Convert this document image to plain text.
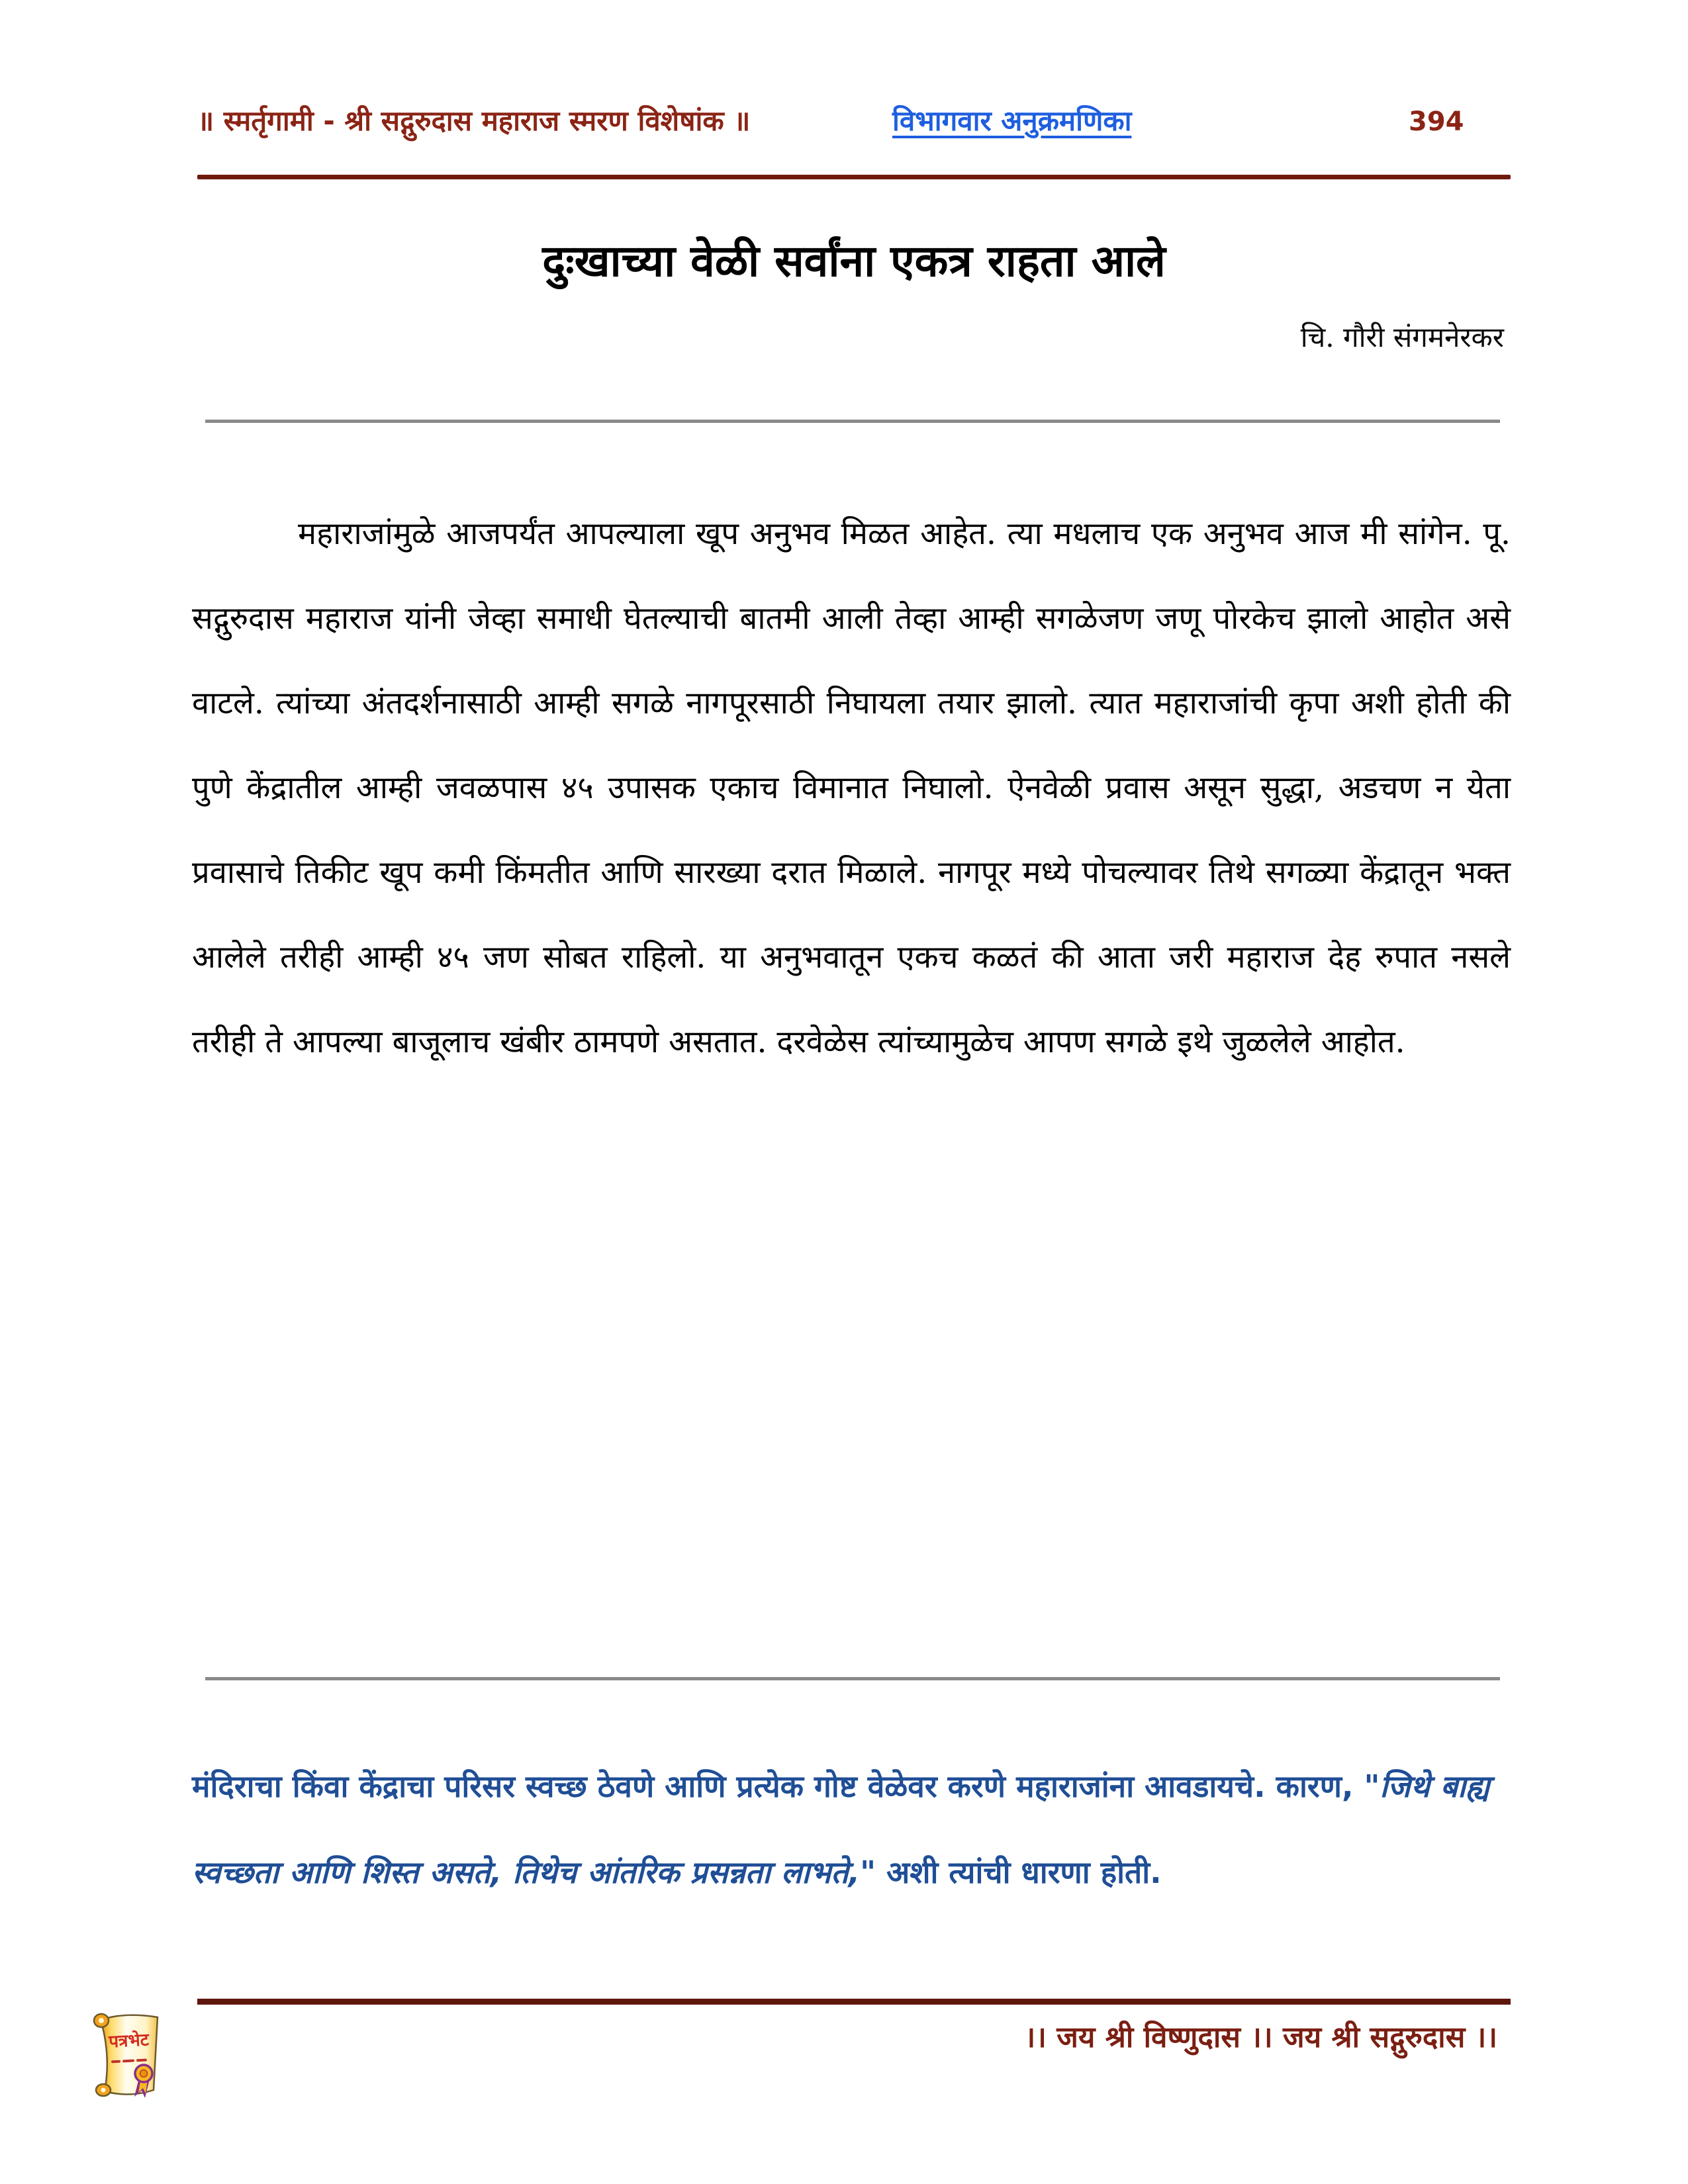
॥ स्मर्तृगामी - श्री सद्गुरुदास महाराज स्मरण विशेषांक ॥	विभागवार अनुक्रमणिका	394
दुःखाच्या वेळी सर्वांना एकत्र राहता आले
चि. गौरी संगमनेरकर

महाराजांमुळे आजपर्यंत आपल्याला खूप अनुभव मिळत आहेत. त्या मधलाच एक अनुभव आज मी सांगेन. पू. सद्गुरुदास महाराज यांनी जेव्हा समाधी घेतल्याची बातमी आली तेव्हा आम्ही सगळेजण जणू पोरकेच झालो आहोत असे वाटले. त्यांच्या अंतदर्शनासाठी आम्ही सगळे नागपूरसाठी निघायला तयार झालो. त्यात महाराजांची कृपा अशी होती की पुणे केंद्रातील आम्ही जवळपास ४५ उपासक एकाच विमानात निघालो. ऐनवेळी प्रवास असून सुद्धा, अडचण न येता प्रवासाचे तिकीट खूप कमी किंमतीत आणि सारख्या दरात मिळाले. नागपूर मध्ये पोचल्यावर तिथे सगळ्या केंद्रातून भक्त आलेले तरीही आम्ही ४५ जण सोबत राहिलो. या अनुभवातून एकच कळतं की आता जरी महाराज देह रुपात नसले तरीही ते आपल्या बाजूलाच खंबीर ठामपणे असतात. दरवेळेस त्यांच्यामुळेच आपण सगळे इथे जुळलेले आहोत.

मंदिराचा किंवा केंद्राचा परिसर स्वच्छ ठेवणे आणि प्रत्येक गोष्ट वेळेवर करणे महाराजांना आवडायचे. कारण, "जिथे बाह्य स्वच्छता आणि शिस्त असते, तिथेच आंतरिक प्रसन्नता लाभते," अशी त्यांची धारणा होती.

।। जय श्री विष्णुदास ।। जय श्री सद्गुरुदास ।।
पत्रभेट
